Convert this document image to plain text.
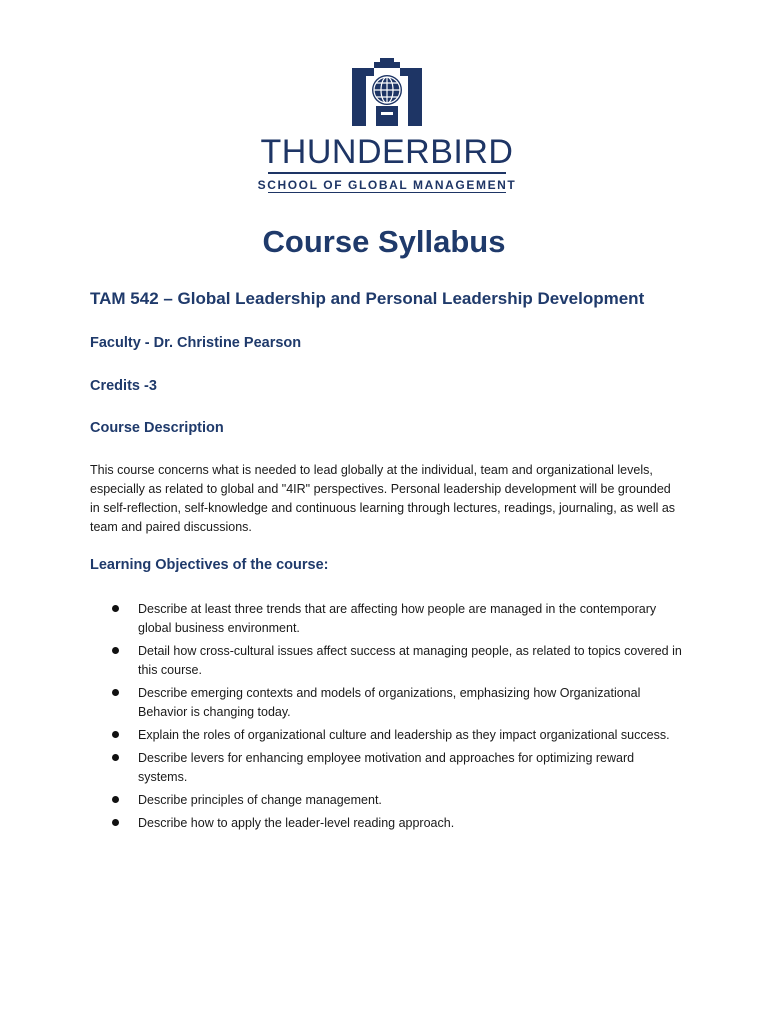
THUNDERBIRD
SCHOOL OF GLOBAL MANAGEMENT
Course Syllabus
TAM 542 – Global Leadership and Personal Leadership Development
Faculty - Dr. Christine Pearson
Credits -3
Course Description
This course concerns what is needed to lead globally at the individual, team and organizational levels, especially as related to global and "4IR" perspectives. Personal leadership development will be grounded in self-reflection, self-knowledge and continuous learning through lectures, readings, journaling, as well as team and paired discussions.
Learning Objectives of the course:
Describe at least three trends that are affecting how people are managed in the contemporary global business environment.
Detail how cross-cultural issues affect success at managing people, as related to topics covered in this course.
Describe emerging contexts and models of organizations, emphasizing how Organizational Behavior is changing today.
Explain the roles of organizational culture and leadership as they impact organizational success.
Describe levers for enhancing employee motivation and approaches for optimizing reward systems.
Describe principles of change management.
Describe how to apply the leader-level reading approach.
